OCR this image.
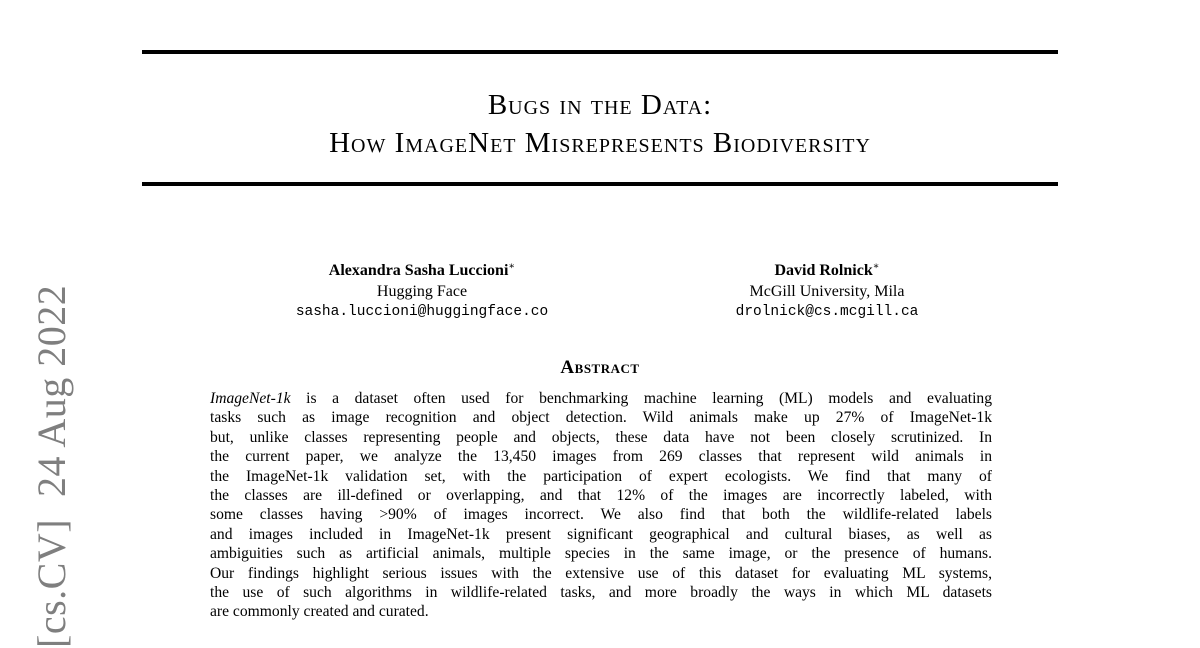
[cs.CV]24 Aug 2022
Bugs in the Data:
How ImageNet Misrepresents Biodiversity
Alexandra Sasha Luccioni∗
Hugging Face
sasha.luccioni@huggingface.co
David Rolnick∗
McGill University, Mila
drolnick@cs.mcgill.ca
Abstract
ImageNet-1k is a dataset often used for benchmarking machine learning (ML) models and evaluating
tasks such as image recognition and object detection. Wild animals make up 27% of ImageNet-1k
but, unlike classes representing people and objects, these data have not been closely scrutinized. In
the current paper, we analyze the 13,450 images from 269 classes that represent wild animals in
the ImageNet-1k validation set, with the participation of expert ecologists. We find that many of
the classes are ill-defined or overlapping, and that 12% of the images are incorrectly labeled, with
some classes having >90% of images incorrect. We also find that both the wildlife-related labels
and images included in ImageNet-1k present significant geographical and cultural biases, as well as
ambiguities such as artificial animals, multiple species in the same image, or the presence of humans.
Our findings highlight serious issues with the extensive use of this dataset for evaluating ML systems,
the use of such algorithms in wildlife-related tasks, and more broadly the ways in which ML datasets
are commonly created and curated.
